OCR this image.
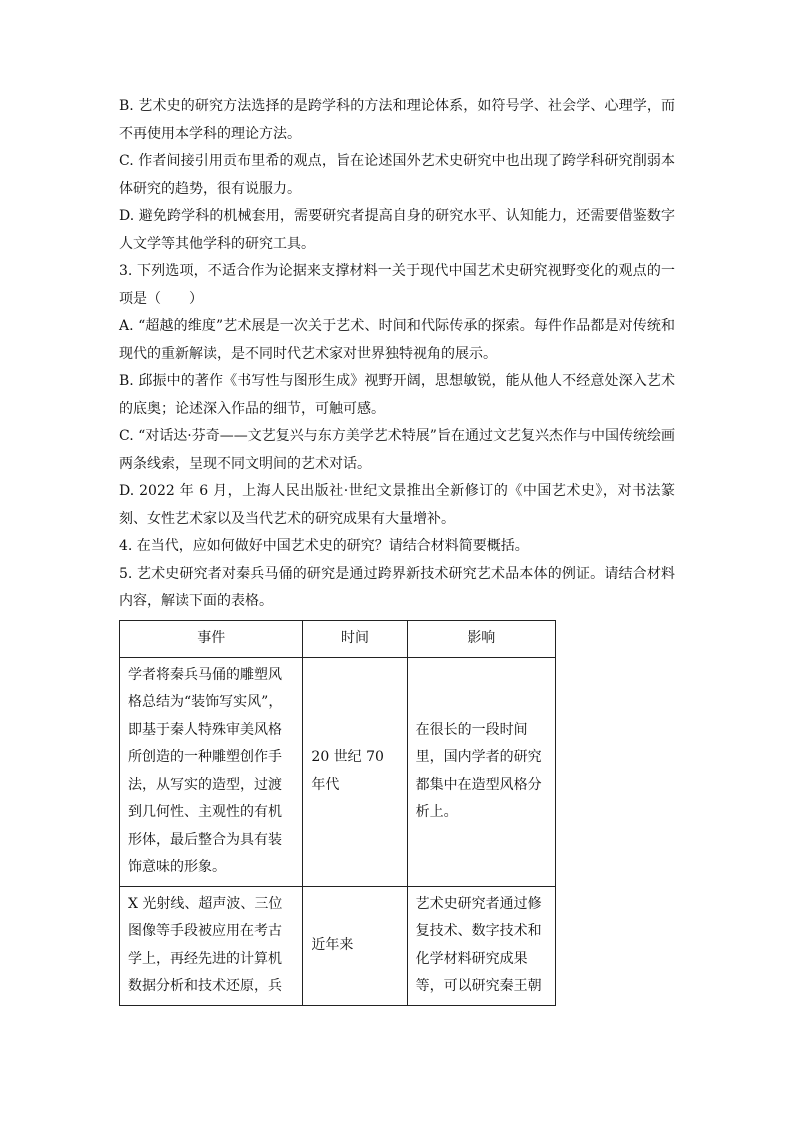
B. 艺术史的研究方法选择的是跨学科的方法和理论体系，如符号学、社会学、心理学，而不再使用本学科的理论方法。

C. 作者间接引用贡布里希的观点，旨在论述国外艺术史研究中也出现了跨学科研究削弱本体研究的趋势，很有说服力。

D. 避免跨学科的机械套用，需要研究者提高自身的研究水平、认知能力，还需要借鉴数字人文学等其他学科的研究工具。

3. 下列选项，不适合作为论据来支撑材料一关于现代中国艺术史研究视野变化的观点的一项是（　　）

A. “超越的维度”艺术展是一次关于艺术、时间和代际传承的探索。每件作品都是对传统和现代的重新解读，是不同时代艺术家对世界独特视角的展示。

B. 邱振中的著作《书写性与图形生成》视野开阔，思想敏锐，能从他人不经意处深入艺术的底奥；论述深入作品的细节，可触可感。

C. “对话达·芬奇——文艺复兴与东方美学艺术特展”旨在通过文艺复兴杰作与中国传统绘画两条线索，呈现不同文明间的艺术对话。

D. 2022 年 6 月，上海人民出版社·世纪文景推出全新修订的《中国艺术史》，对书法篆刻、女性艺术家以及当代艺术的研究成果有大量增补。

4. 在当代，应如何做好中国艺术史的研究？请结合材料简要概括。

5. 艺术史研究者对秦兵马俑的研究是通过跨界新技术研究艺术品本体的例证。请结合材料内容，解读下面的表格。

事件	时间	影响
学者将秦兵马俑的雕塑风格总结为“装饰写实风”，即基于秦人特殊审美风格所创造的一种雕塑创作手法，从写实的造型，过渡到几何性、主观性的有机形体，最后整合为具有装饰意味的形象。	20 世纪 70 年代	在很长的一段时间里，国内学者的研究都集中在造型风格分析上。
X 光射线、超声波、三位图像等手段被应用在考古学上，再经先进的计算机数据分析和技术还原，兵	近年来	艺术史研究者通过修复技术、数字技术和化学材料研究成果等，可以研究秦王朝
